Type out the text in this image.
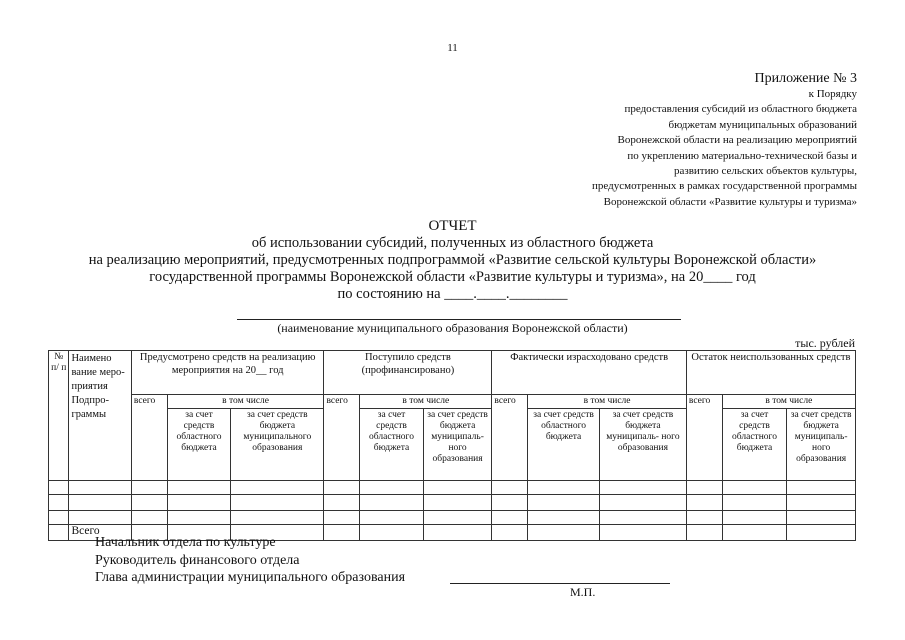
11
Приложение № 3
к Порядку
предоставления субсидий из областного бюджета
бюджетам муниципальных образований
Воронежской области на реализацию мероприятий
по укреплению материально-технической базы и
развитию сельских объектов культуры,
предусмотренных в рамках государственной программы
Воронежской области «Развитие культуры и туризма»
ОТЧЕТ
об использовании субсидий, полученных из областного бюджета
на реализацию мероприятий, предусмотренных подпрограммой «Развитие сельской культуры Воронежской области»
государственной программы Воронежской области «Развитие культуры и туризма», на 20____ год
по состоянию на ____.____.________
(наименование муниципального образования Воронежской области)
тыс. рублей
№ п/ п	Наимено вание меро- приятия Подпро- граммы	Предусмотрено средств на реализацию мероприятия на 20__ год			Поступило средств (профинансировано)			Фактически израсходовано средств			Остаток неиспользованных средств		
		всего	в том числе		всего	в том числе		всего	в том числе		всего	в том числе	
			за счет средств областного бюджета	за счет средств бюджета муниципального образования		за счет средств областного бюджета	за счет средств бюджета муниципаль- ного образования		за счет средств областного бюджета	за счет средств бюджета муниципаль- ного образования		за счет средств областного бюджета	за счет средств бюджета муниципаль- ного образования

	Всего												
Начальник отдела по культуре
Руководитель финансового отдела
Глава администрации муниципального образования
М.П.
